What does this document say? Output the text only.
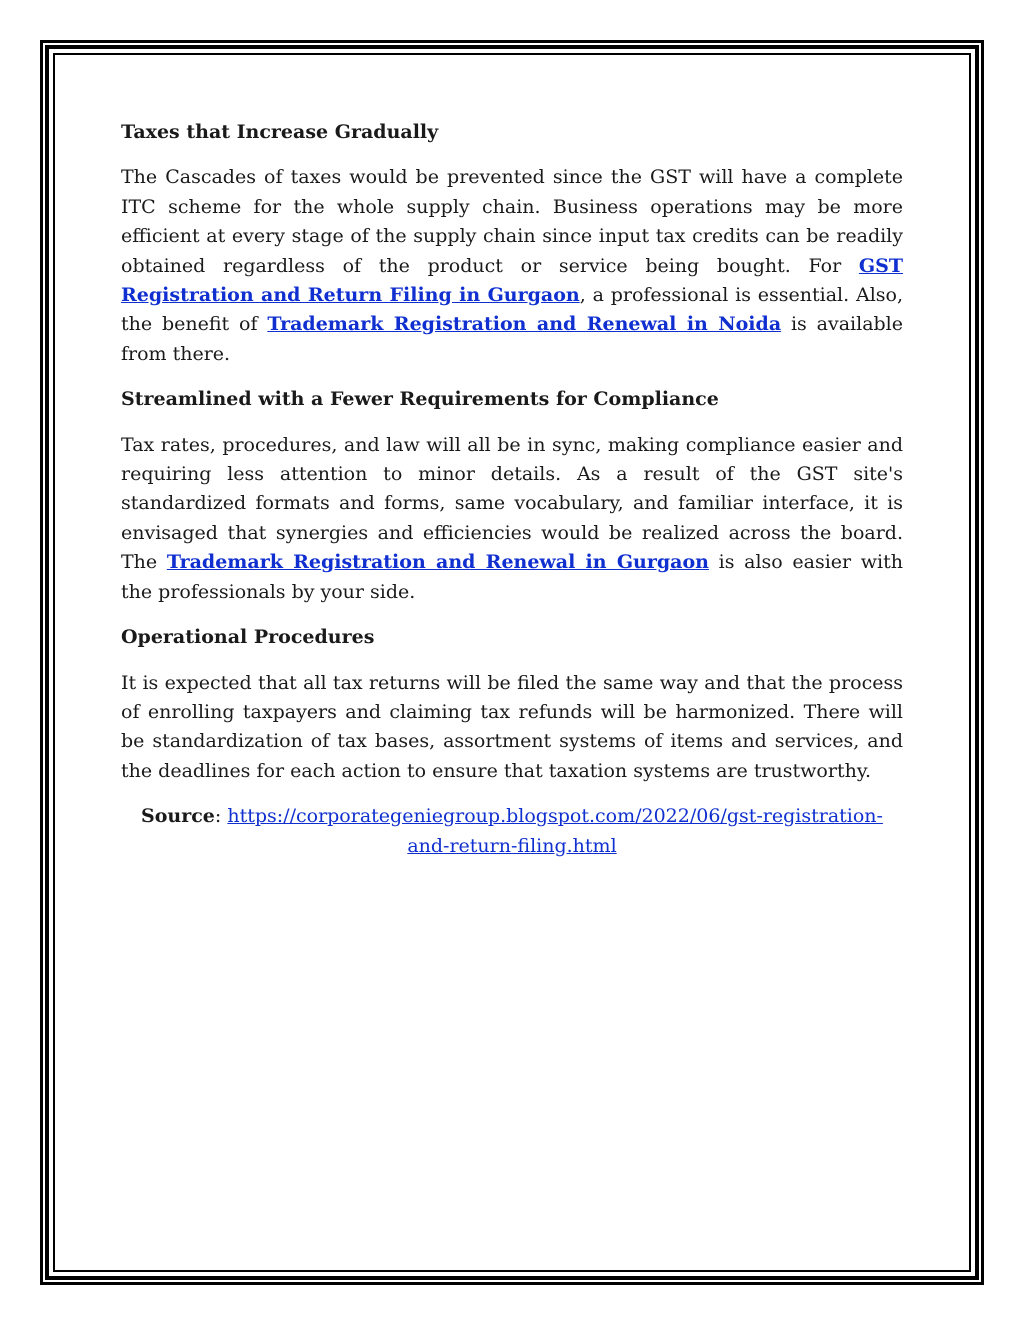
Taxes that Increase Gradually

The Cascades of taxes would be prevented since the GST will have a complete ITC scheme for the whole supply chain. Business operations may be more efficient at every stage of the supply chain since input tax credits can be readily obtained regardless of the product or service being bought. For GST Registration and Return Filing in Gurgaon, a professional is essential. Also, the benefit of Trademark Registration and Renewal in Noida is available from there.

Streamlined with a Fewer Requirements for Compliance

Tax rates, procedures, and law will all be in sync, making compliance easier and requiring less attention to minor details. As a result of the GST site's standardized formats and forms, same vocabulary, and familiar interface, it is envisaged that synergies and efficiencies would be realized across the board. The Trademark Registration and Renewal in Gurgaon is also easier with the professionals by your side.

Operational Procedures

It is expected that all tax returns will be filed the same way and that the process of enrolling taxpayers and claiming tax refunds will be harmonized. There will be standardization of tax bases, assortment systems of items and services, and the deadlines for each action to ensure that taxation systems are trustworthy.

Source: https://corporategeniegroup.blogspot.com/2022/06/gst-registration-and-return-filing.html
